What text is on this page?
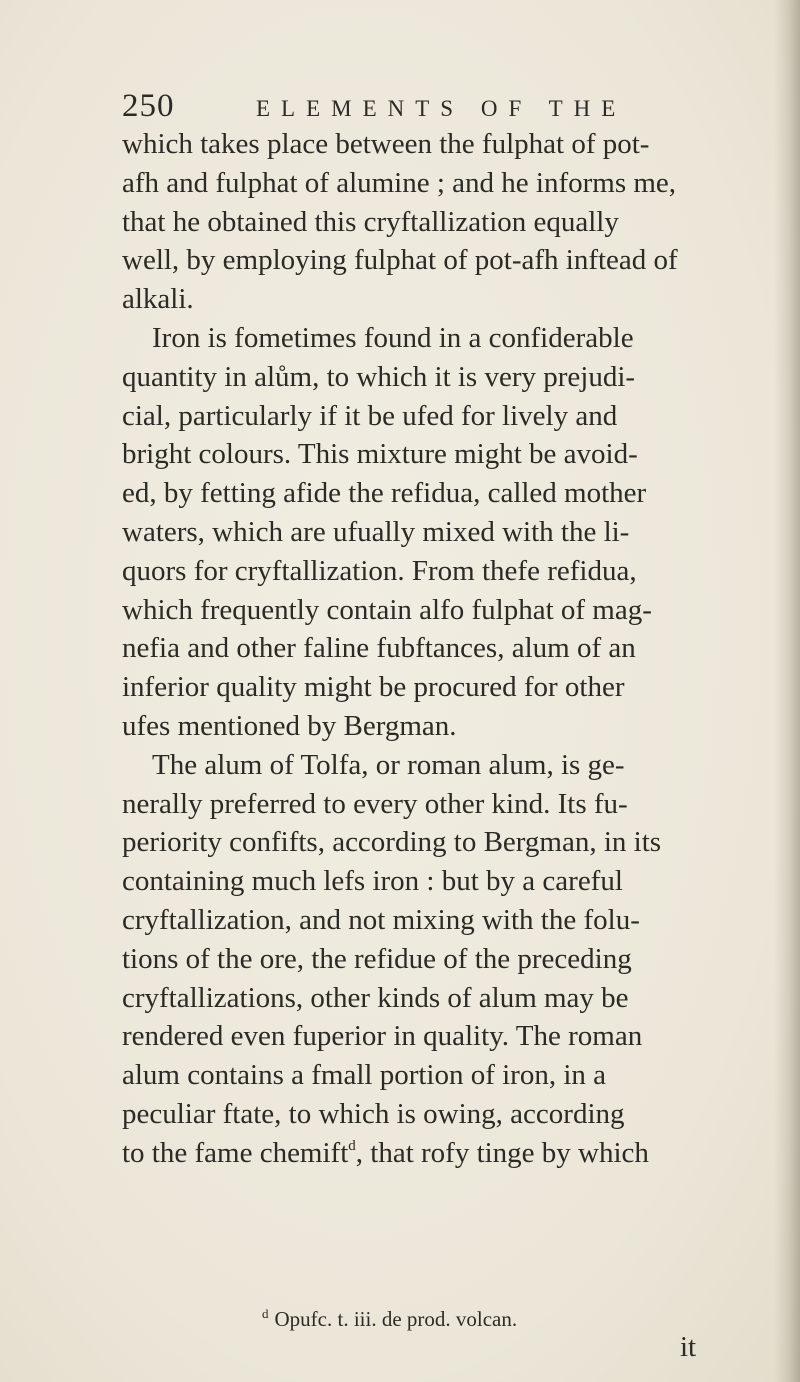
250	ELEMENTS OF THE
which takes place between the fulphat of pot-
afh and fulphat of alumine ; and he informs me,
that he obtained this cryftallization equally
well, by employing fulphat of pot-afh inftead of
alkali.
Iron is fometimes found in a confiderable
quantity in alům, to which it is very prejudi-
cial, particularly if it be ufed for lively and
bright colours. This mixture might be avoid-
ed, by fetting afide the refidua, called mother
waters, which are ufually mixed with the li-
quors for cryftallization. From thefe refidua,
which frequently contain alfo fulphat of mag-
nefia and other faline fubftances, alum of an
inferior quality might be procured for other
ufes mentioned by Bergman.
The alum of Tolfa, or roman alum, is ge-
nerally preferred to every other kind. Its fu-
periority confifts, according to Bergman, in its
containing much lefs iron : but by a careful
cryftallization, and not mixing with the folu-
tions of the ore, the refidue of the preceding
cryftallizations, other kinds of alum may be
rendered even fuperior in quality. The roman
alum contains a fmall portion of iron, in a
peculiar ftate, to which is owing, according
to the fame chemift$^d$, that rofy tinge by which
$^d$ Opufc. t. iii. de prod. volcan.
it
